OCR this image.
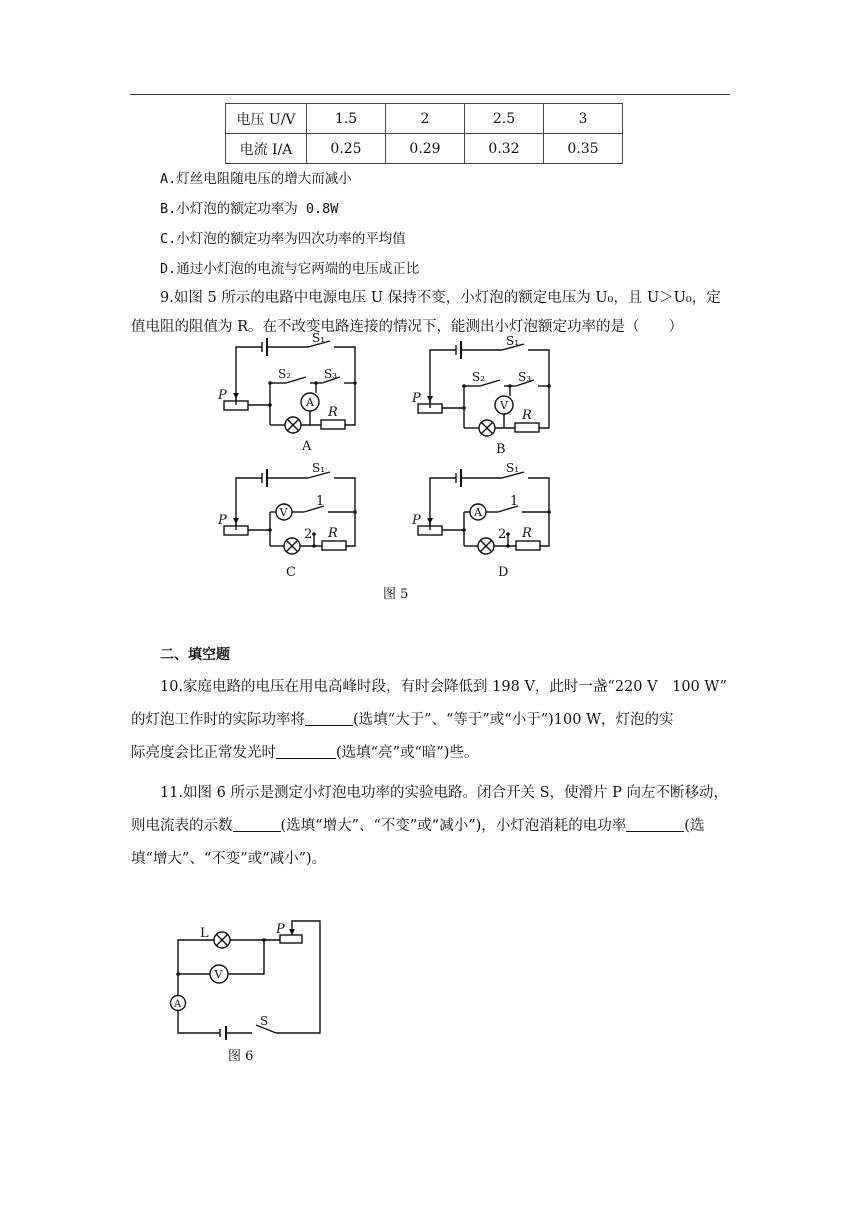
电压 U/V	1.5	2	2.5	3
电流 I/A	0.25	0.29	0.32	0.35
A.灯丝电阻随电压的增大而减小
B.小灯泡的额定功率为 0.8W
C.小灯泡的额定功率为四次功率的平均值
D.通过小灯泡的电流与它两端的电压成正比
9.如图 5 所示的电路中电源电压 U 保持不变，小灯泡的额定电压为 U₀，且 U＞U₀，定
值电阻的阻值为 R。在不改变电路连接的情况下，能测出小灯泡额定功率的是（　　）
S₁
S₂	S₃
P
R
A
A
S₁
S₂	S₃
P
R
V
B
S₁
1
2
P
R
V
C
S₁
1
2
P
R
A
D
图 5
二、填空题
10.家庭电路的电压在用电高峰时段，有时会降低到 198 V，此时一盏“220 V　100 W”
的灯泡工作时的实际功率将	(选填“大于”、“等于”或“小于”)100 W，灯泡的实
际亮度会比正常发光时	(选填“亮”或“暗”)些。
11.如图 6 所示是测定小灯泡电功率的实验电路。闭合开关 S，使滑片 P 向左不断移动，
则电流表的示数	(选填“增大”、“不变”或“减小”)，小灯泡消耗的电功率	(选
填“增大”、“不变”或“减小”)。
L	P
V
A
S
图 6
